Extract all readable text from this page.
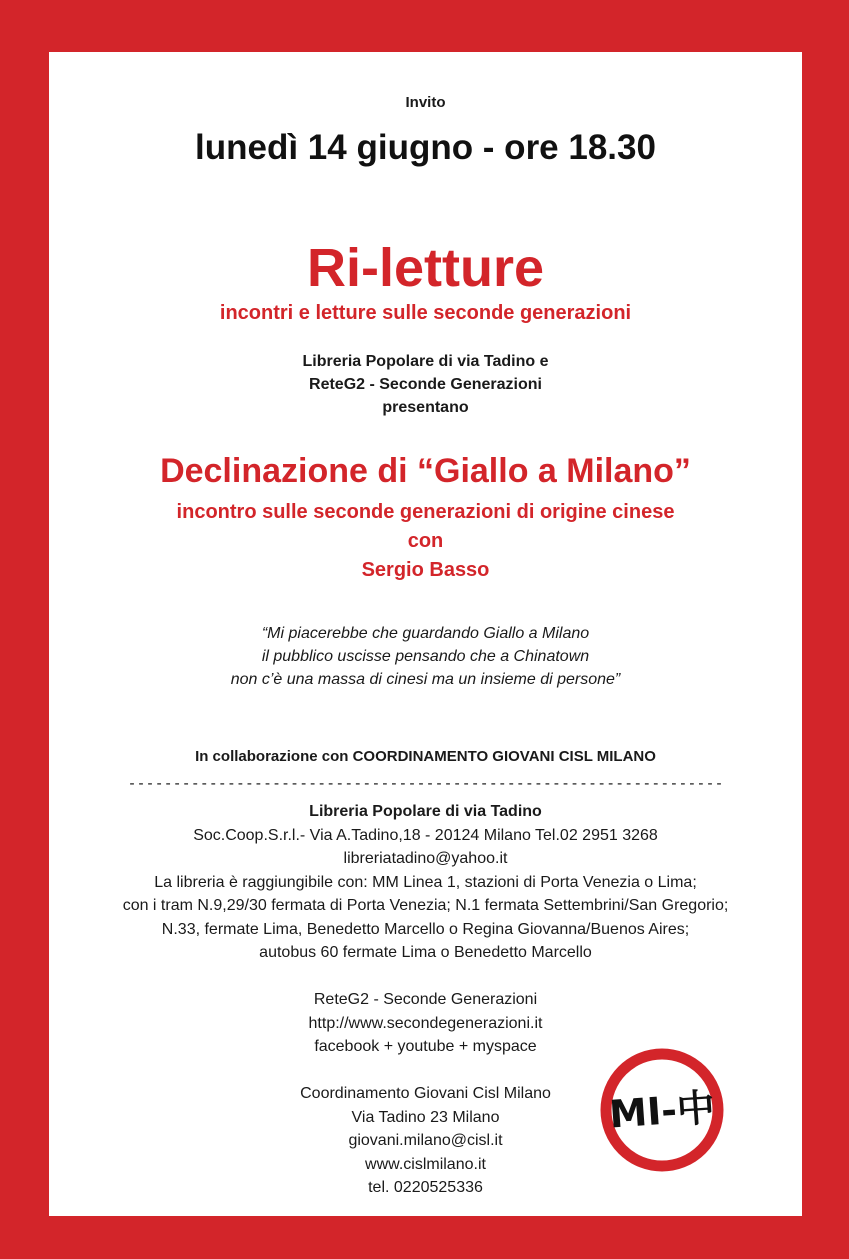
Invito

lunedì 14 giugno - ore 18.30

Ri-letture

incontri e letture sulle seconde generazioni

Libreria Popolare di via Tadino e
ReteG2 - Seconde Generazioni
presentano

Declinazione di “Giallo a Milano”

incontro sulle seconde generazioni di origine cinese
con
Sergio Basso
“Mi piacerebbe che guardando Giallo a Milano
il pubblico uscisse pensando che a Chinatown
non c’è una massa di cinesi ma un insieme di persone”

In collaborazione con COORDINAMENTO GIOVANI CISL MILANO

------------------------------------------------------------------

Libreria Popolare di via Tadino

Soc.Coop.S.r.l.- Via A.Tadino,18 - 20124 Milano Tel.02 2951 3268

libreriatadino@yahoo.it

La libreria è raggiungibile con: MM Linea 1, stazioni di Porta Venezia o Lima;

con i tram N.9,29/30 fermata di Porta Venezia; N.1 fermata Settembrini/San Gregorio;

N.33, fermate Lima, Benedetto Marcello o Regina Giovanna/Buenos Aires;

autobus 60 fermate Lima o Benedetto Marcello

ReteG2 - Seconde Generazioni

http://www.secondegenerazioni.it

facebook + youtube + myspace

Coordinamento Giovani Cisl Milano

Via Tadino 23 Milano

giovani.milano@cisl.it

www.cislmilano.it

tel. 0220525336

MI-中
